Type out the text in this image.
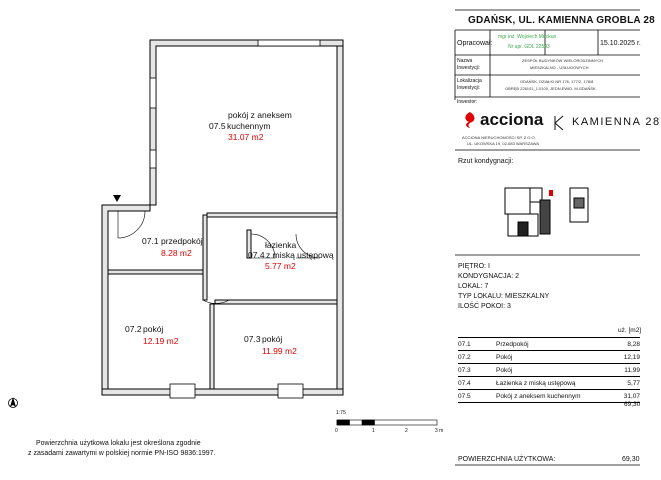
GDAŃSK, UL. KAMIENNA GROBLA 28
Opracował:
mgr inż. Wojciech Meckun
Nr upr. GDL 22543	15.10.2025 r.
Nazwa Inwestycji:
ZESPÓŁ BUDYNKÓW WIELORODZINNYCH
MIESZKALNO - USŁUGOWYCH
Lokalizacja Inwestycji:
GDAŃSK, DZIAŁKI NR 176, 177/2, 178/8
OBRĘB 226101_1.0100, JEDN.EWID. M.GDAŃSK
Inwestor:
acciona
ACCIONA NIERUCHOMOŚCI SP. Z O.O.
UL. UKOWSKA 19, 02-683 WARSZAWA
KAMIENNA 28
Rzut kondygnacji:
PIĘTRO: I
KONDYGNACJA: 2
LOKAL: 7
TYP LOKALU: MIESZKALNY
ILOŚĆ POKOI: 3
uż. [m2]
07.1	Przedpokój	8,28
07.2	Pokój	12,19
07.3	Pokój	11,99
07.4	Łazienka z miską ustępową	5,77
07.5	Pokój z aneksem kuchennym	31,07
69,30
POWIERZCHNIA UŻYTKOWA:	69,30
pokój z aneksem
07.5 kuchennym
31.07 m2
07.1 przedpokój
8.28 m2
łazienka
07.4 z miską ustępową
5.77 m2
07.2 pokój
12.19 m2	07.3 pokój
11.99 m2
Powierzchnia użytkowa lokalu jest określona zgodnie
z zasadami zawartymi w polskiej normie PN-ISO 9836:1997.
1:75
0	1	2	3 m
